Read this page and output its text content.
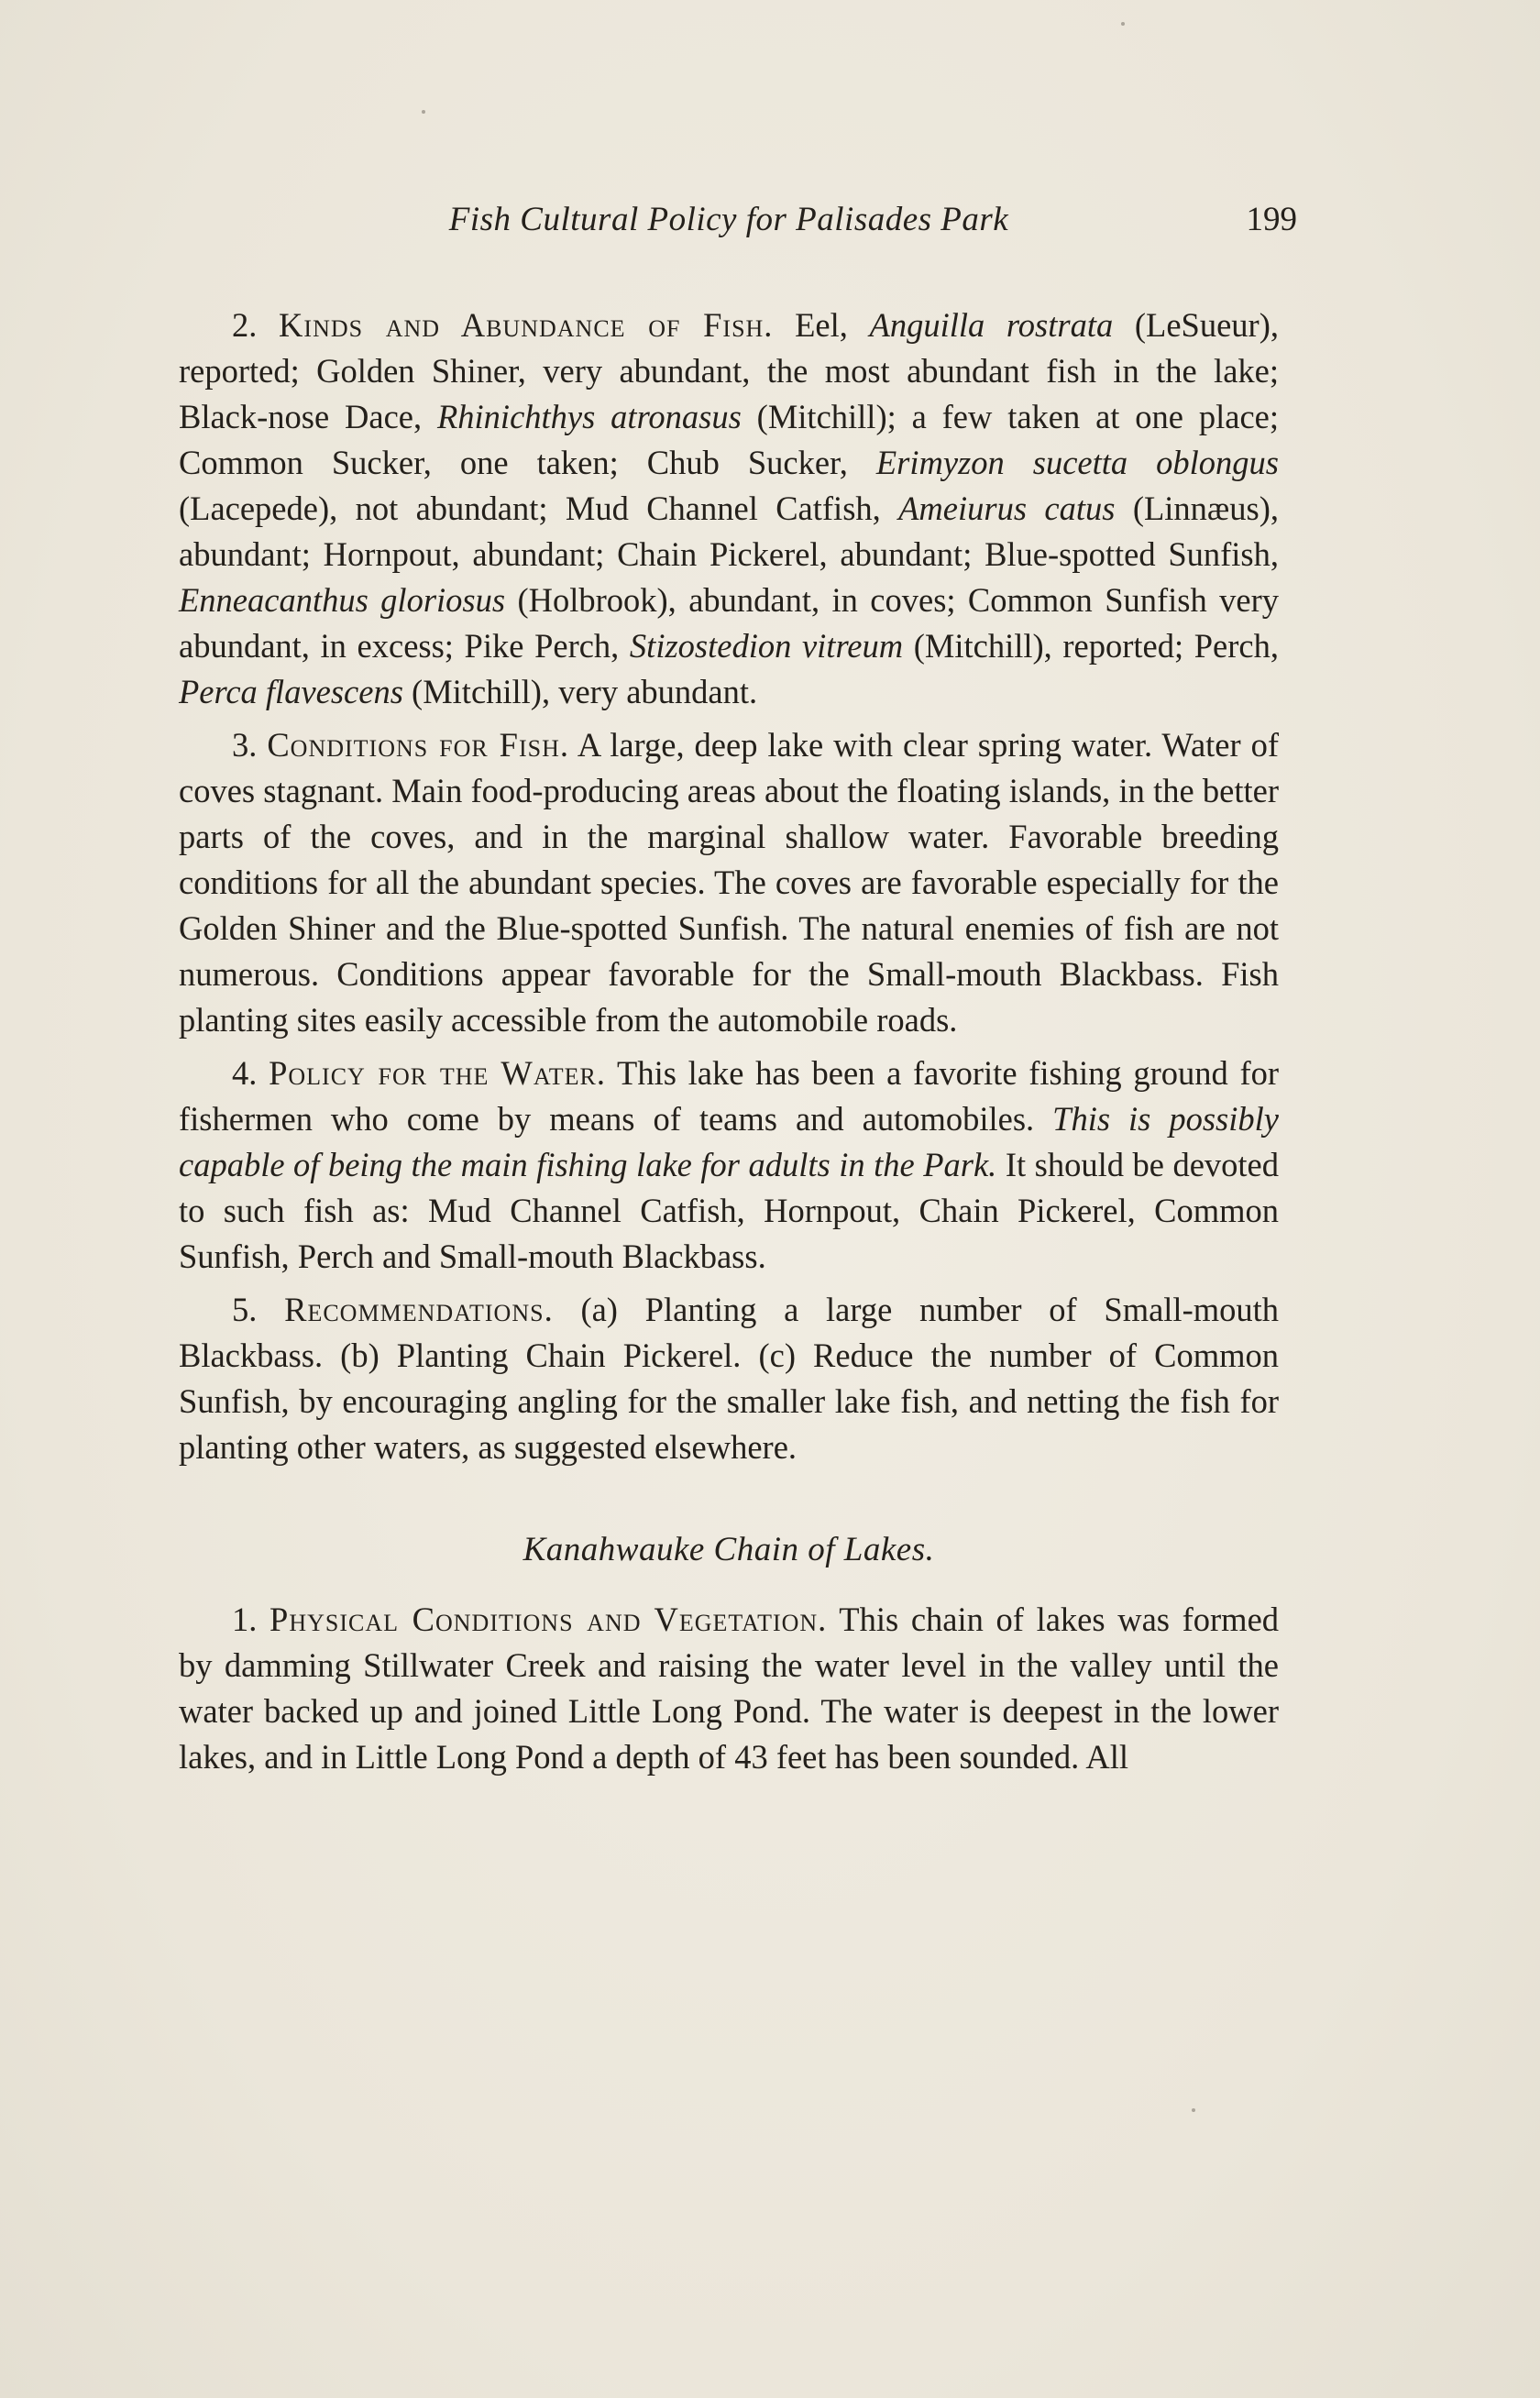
Fish Cultural Policy for Palisades Park	199

2. Kinds and Abundance of Fish. Eel, Anguilla rostrata (LeSueur), reported; Golden Shiner, very abundant, the most abundant fish in the lake; Black-nose Dace, Rhinichthys atronasus (Mitchill); a few taken at one place; Common Sucker, one taken; Chub Sucker, Erimyzon sucetta oblongus (Lacepede), not abundant; Mud Channel Catfish, Ameiurus catus (Linnæus), abundant; Hornpout, abundant; Chain Pickerel, abundant; Blue-spotted Sunfish, Enneacanthus gloriosus (Holbrook), abundant, in coves; Common Sunfish very abundant, in excess; Pike Perch, Stizostedion vitreum (Mitchill), reported; Perch, Perca flavescens (Mitchill), very abundant.

3. Conditions for Fish. A large, deep lake with clear spring water. Water of coves stagnant. Main food-producing areas about the floating islands, in the better parts of the coves, and in the marginal shallow water. Favorable breeding conditions for all the abundant species. The coves are favorable especially for the Golden Shiner and the Blue-spotted Sunfish. The natural enemies of fish are not numerous. Conditions appear favorable for the Small-mouth Blackbass. Fish planting sites easily accessible from the automobile roads.

4. Policy for the Water. This lake has been a favorite fishing ground for fishermen who come by means of teams and automobiles. This is possibly capable of being the main fishing lake for adults in the Park. It should be devoted to such fish as: Mud Channel Catfish, Hornpout, Chain Pickerel, Common Sunfish, Perch and Small-mouth Blackbass.

5. Recommendations. (a) Planting a large number of Small-mouth Blackbass. (b) Planting Chain Pickerel. (c) Reduce the number of Common Sunfish, by encouraging angling for the smaller lake fish, and netting the fish for planting other waters, as suggested elsewhere.

Kanahwauke Chain of Lakes.

1. Physical Conditions and Vegetation. This chain of lakes was formed by damming Stillwater Creek and raising the water level in the valley until the water backed up and joined Little Long Pond. The water is deepest in the lower lakes, and in Little Long Pond a depth of 43 feet has been sounded. All
